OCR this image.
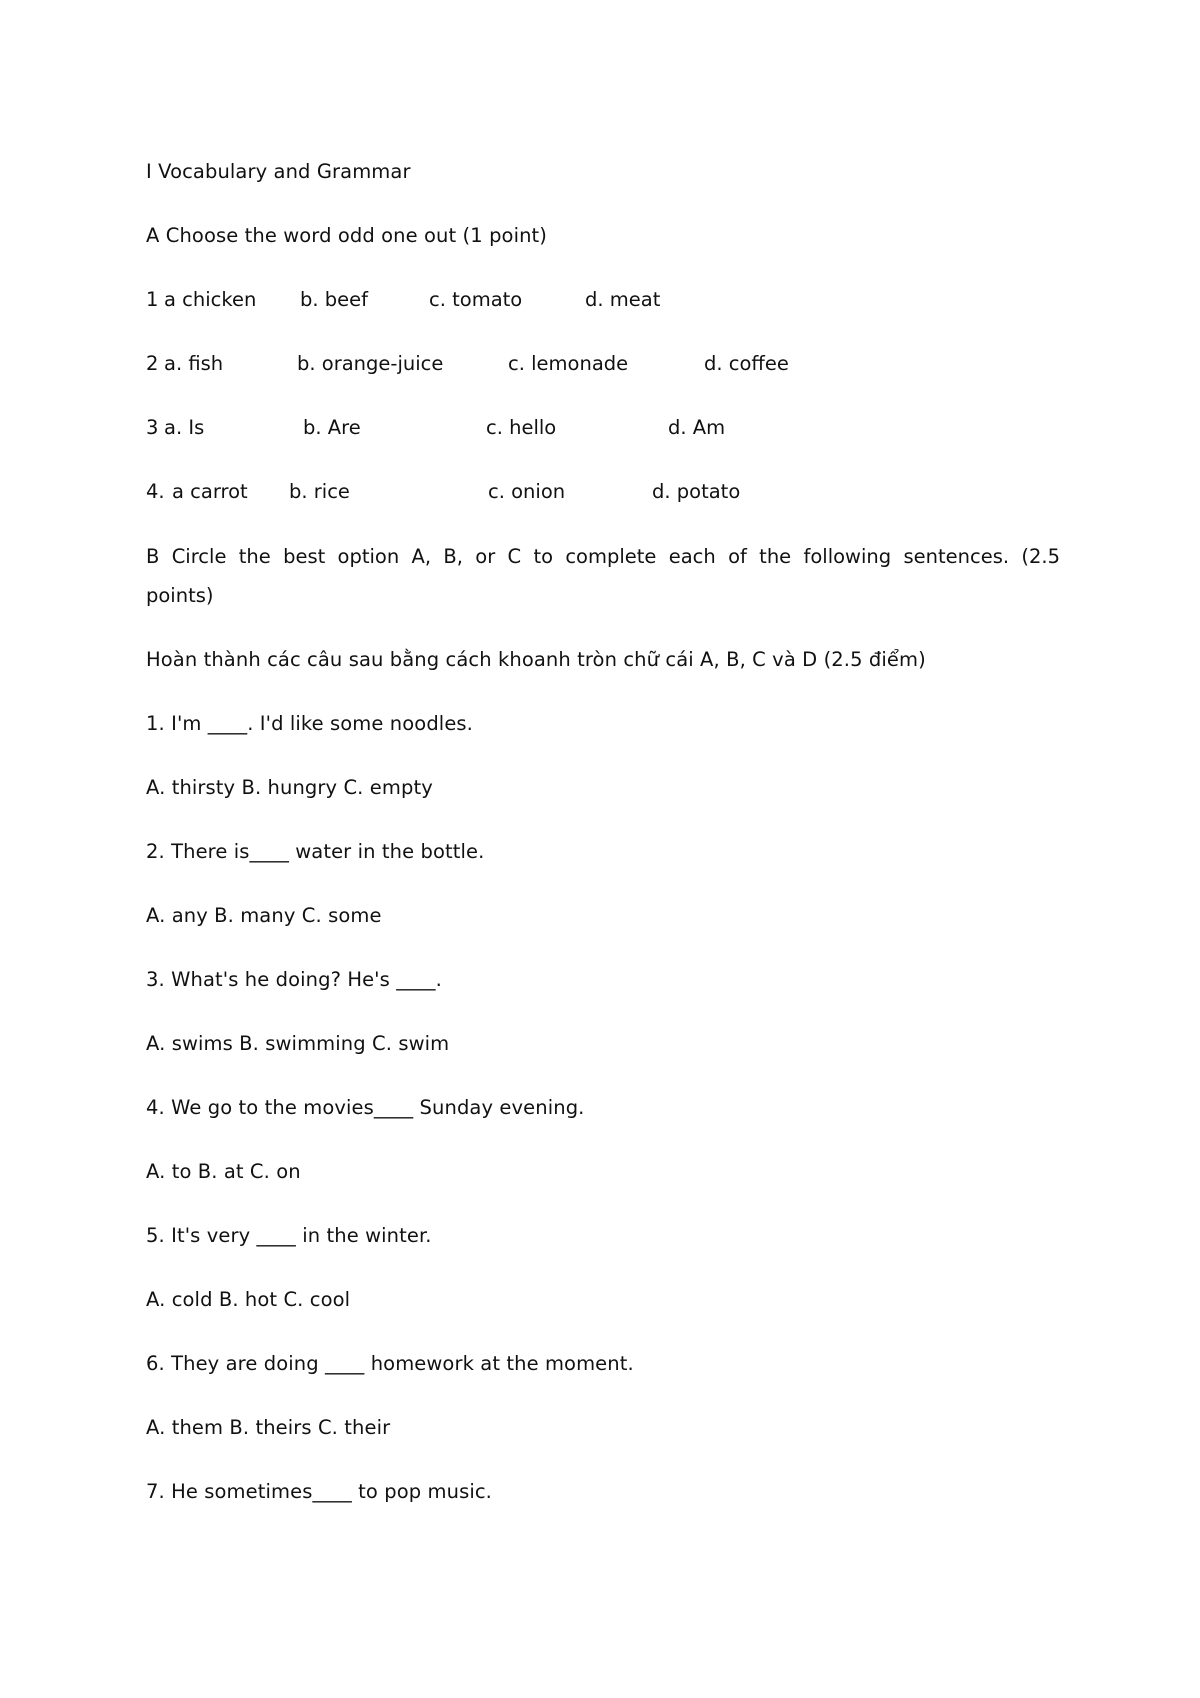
I Vocabulary and Grammar
A Choose the word odd one out (1 point)
1 a chicken b. beef	c. tomato	d. meat
2 a. fish	b. orange-juice	c. lemonade	d. coffee
3 a. Is	b. Are	c. hello	d. Am
4. a carrot b. rice	c. onion	d. potato
B Circle the best option A, B, or C to complete each of the following sentences. (2.5 points)
Hoàn thành các câu sau bằng cách khoanh tròn chữ cái A, B, C và D (2.5 điểm)
1. I'm ____. I'd like some noodles.
A. thirsty B. hungry C. empty
2. There is____ water in the bottle.
A. any B. many C. some
3. What's he doing? He's ____.
A. swims B. swimming C. swim
4. We go to the movies____ Sunday evening.
A. to B. at C. on
5. It's very ____ in the winter.
A. cold B. hot C. cool
6. They are doing ____ homework at the moment.
A. them B. theirs C. their
7. He sometimes____ to pop music.
